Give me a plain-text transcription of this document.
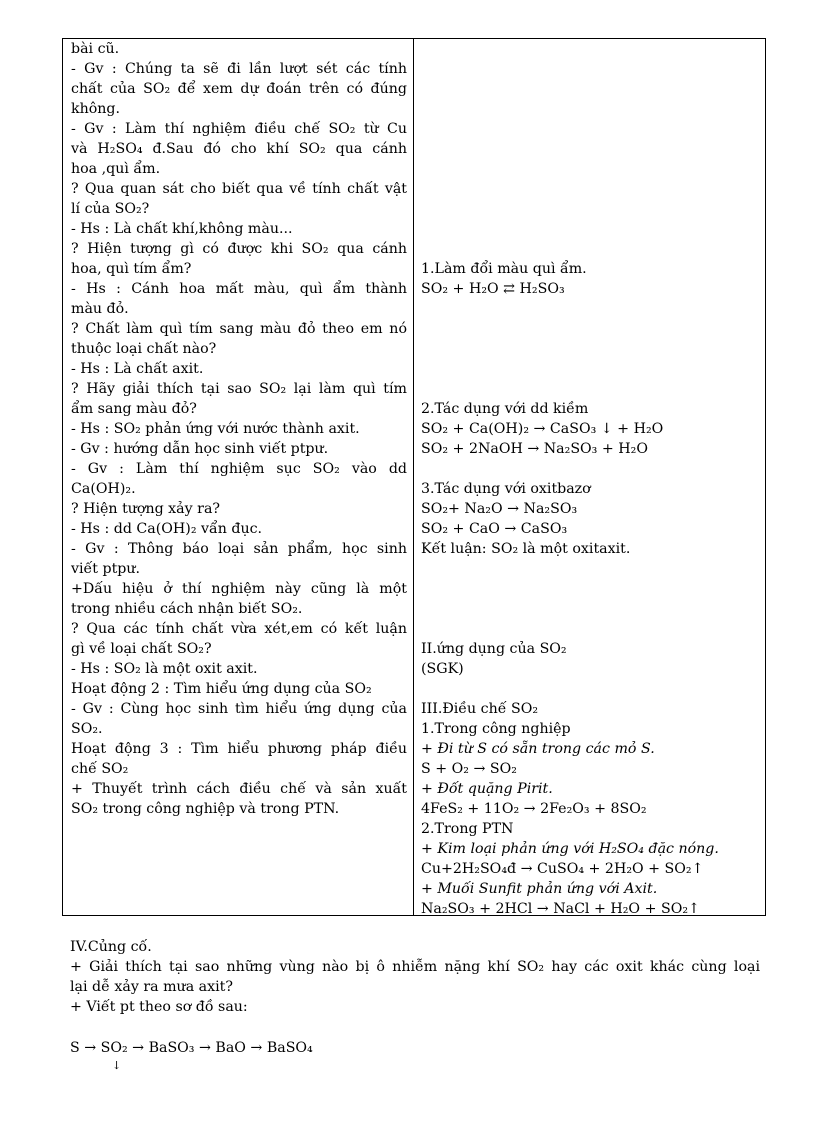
bài cũ.
- Gv : Chúng ta sẽ đi lần lượt sét các tính
chất của SO₂ để xem dự đoán trên có đúng
không.
- Gv : Làm thí nghiệm điều chế SO₂ từ Cu
và H₂SO₄ đ.Sau đó cho khí SO₂ qua cánh
hoa ,quì ẩm.
? Qua quan sát cho biết qua về tính chất vật
lí của SO₂?
- Hs : Là chất khí,không màu...
? Hiện tượng gì có được khi SO₂ qua cánh
hoa, quì tím ẩm?
- Hs : Cánh hoa mất màu, quì ẩm thành
màu đỏ.
? Chất làm quì tím sang màu đỏ theo em nó
thuộc loại chất nào?
- Hs : Là chất axit.
? Hãy giải thích tại sao SO₂ lại làm quì tím
ẩm sang màu đỏ?
- Hs : SO₂ phản ứng với nước thành axit.
- Gv : hướng dẫn học sinh viết ptpư.
- Gv : Làm thí nghiệm sục SO₂ vào dd
Ca(OH)₂.
? Hiện tượng xảy ra?
- Hs : dd Ca(OH)₂ vẩn đục.
- Gv : Thông báo loại sản phẩm, học sinh
viết ptpư.
+Dấu hiệu ở thí nghiệm này cũng là một
trong nhiều cách nhận biết SO₂.
? Qua các tính chất vừa xét,em có kết luận
gì về loại chất SO₂?
- Hs : SO₂ là một oxit axit.
Hoạt động 2 : Tìm hiểu ứng dụng của SO₂
- Gv : Cùng học sinh tìm hiểu ứng dụng của
SO₂.
Hoạt động 3 : Tìm hiểu phương pháp điều
chế SO₂
+ Thuyết trình cách điều chế và sản xuất
SO₂ trong công nghiệp và trong PTN.
1.Làm đổi màu quì ẩm.
SO₂ + H₂O ⇄ H₂SO₃
2.Tác dụng với dd kiềm
SO₂ + Ca(OH)₂ → CaSO₃ ↓ + H₂O
SO₂ + 2NaOH → Na₂SO₃ + H₂O
3.Tác dụng với oxitbazơ
SO₂+ Na₂O → Na₂SO₃
SO₂ + CaO → CaSO₃
Kết luận: SO₂ là một oxitaxit.
II.ứng dụng của SO₂
(SGK)
III.Điều chế SO₂
1.Trong công nghiệp
+ Đi từ S có sẵn trong các mỏ S.
S + O₂ → SO₂
+ Đốt quặng Pirit.
4FeS₂ + 11O₂ → 2Fe₂O₃ + 8SO₂
2.Trong PTN
+ Kim loại phản ứng với H₂SO₄ đặc nóng.
Cu+2H₂SO₄đ → CuSO₄ + 2H₂O + SO₂↑
+ Muối Sunfit phản ứng với Axit.
Na₂SO₃ + 2HCl → NaCl + H₂O + SO₂↑
IV.Củng cố.
+ Giải thích tại sao những vùng nào bị ô nhiễm nặng khí SO₂ hay các oxit khác cùng loại
lại dễ xảy ra mưa axit?
+ Viết pt theo sơ đồ sau:
S → SO₂ → BaSO₃ → BaO → BaSO₄
↓
